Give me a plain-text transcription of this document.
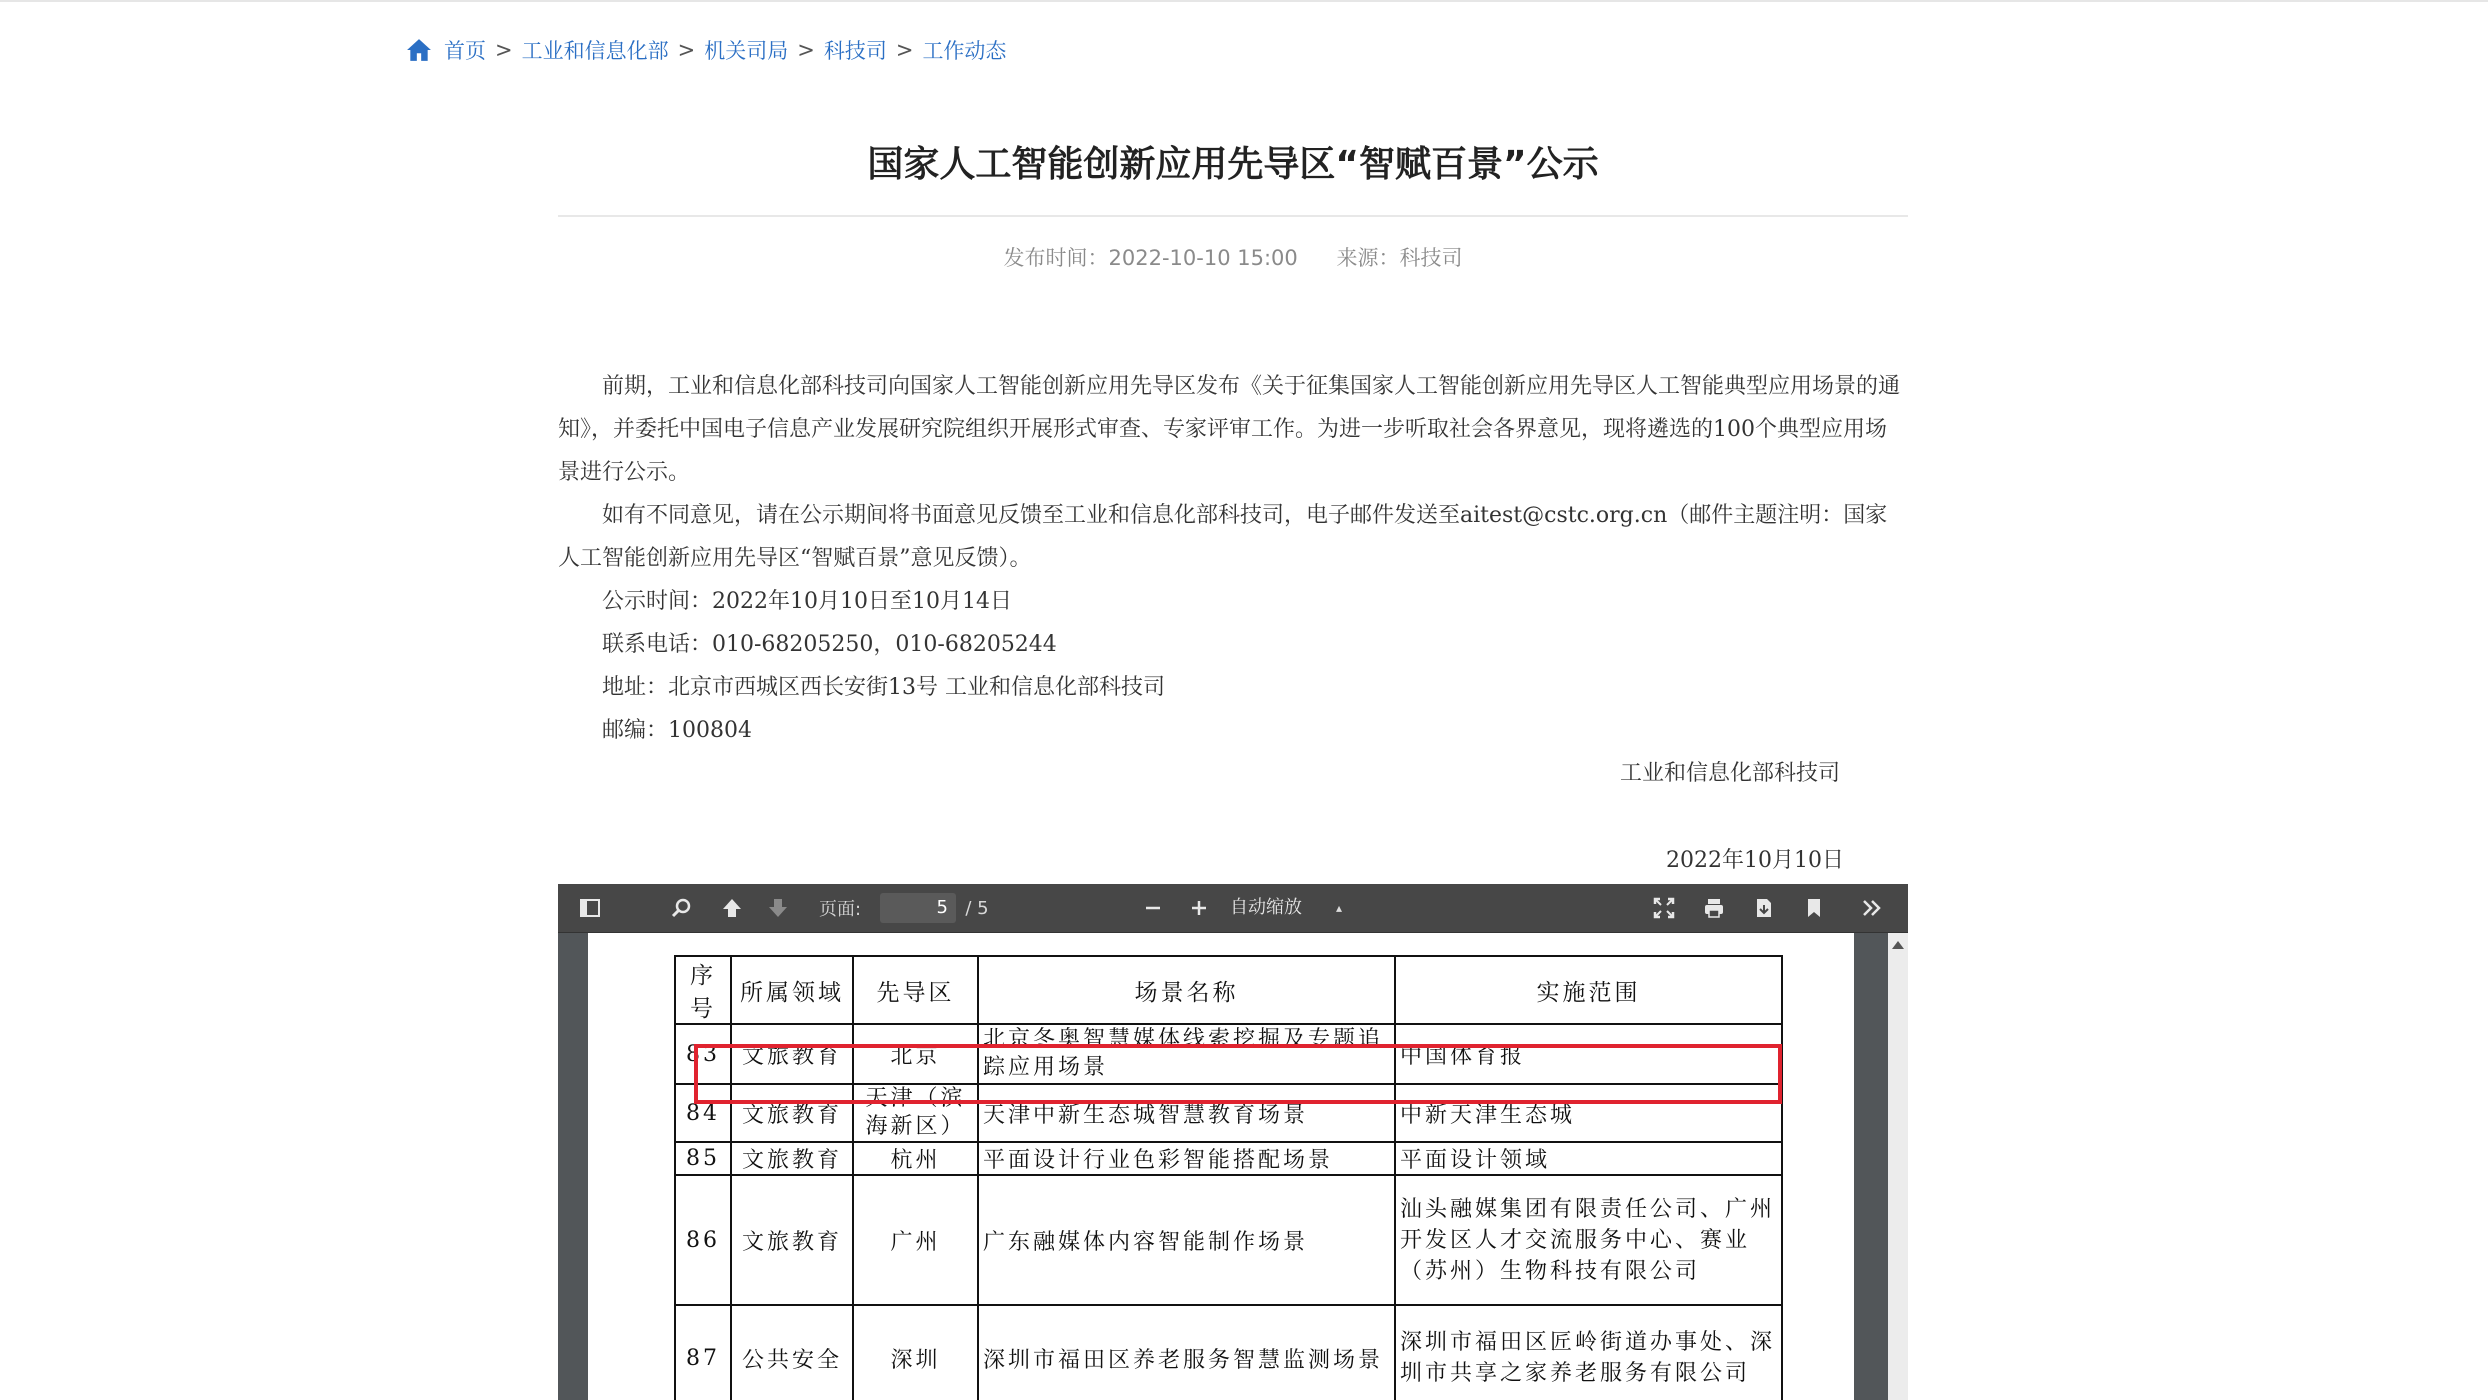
首页 > 工业和信息化部 > 机关司局 > 科技司 > 工作动态
国家人工智能创新应用先导区“智赋百景”公示
发布时间：2022-10-10 15:00 来源：科技司

前期，工业和信息化部科技司向国家人工智能创新应用先导区发布《关于征集国家人工智能创新应用先导区人工智能典型应用场景的通知》，并委托中国电子信息产业发展研究院组织开展形式审查、专家评审工作。为进一步听取社会各界意见，现将遴选的100个典型应用场景进行公示。

如有不同意见，请在公示期间将书面意见反馈至工业和信息化部科技司，电子邮件发送至aitest@cstc.org.cn（邮件主题注明：国家人工智能创新应用先导区“智赋百景”意见反馈）。

公示时间：2022年10月10日至10月14日

联系电话：010-68205250，010-68205244

地址：北京市西城区西长安街13号 工业和信息化部科技司

邮编：100804

工业和信息化部科技司
2022年10月10日
页面:	5 / 5	自动缩放	▴

序号	所属领域	先导区	场景名称	实施范围
83	文旅教育	北京	北京冬奥智慧媒体线索挖掘及专题追踪应用场景	中国体育报
84	文旅教育	天津（滨海新区）	天津中新生态城智慧教育场景	中新天津生态城
85	文旅教育	杭州	平面设计行业色彩智能搭配场景	平面设计领域
86	文旅教育	广州	广东融媒体内容智能制作场景	汕头融媒集团有限责任公司、广州开发区人才交流服务中心、赛业（苏州）生物科技有限公司
87	公共安全	深圳	深圳市福田区养老服务智慧监测场景	深圳市福田区匠岭街道办事处、深圳市共享之家养老服务有限公司
